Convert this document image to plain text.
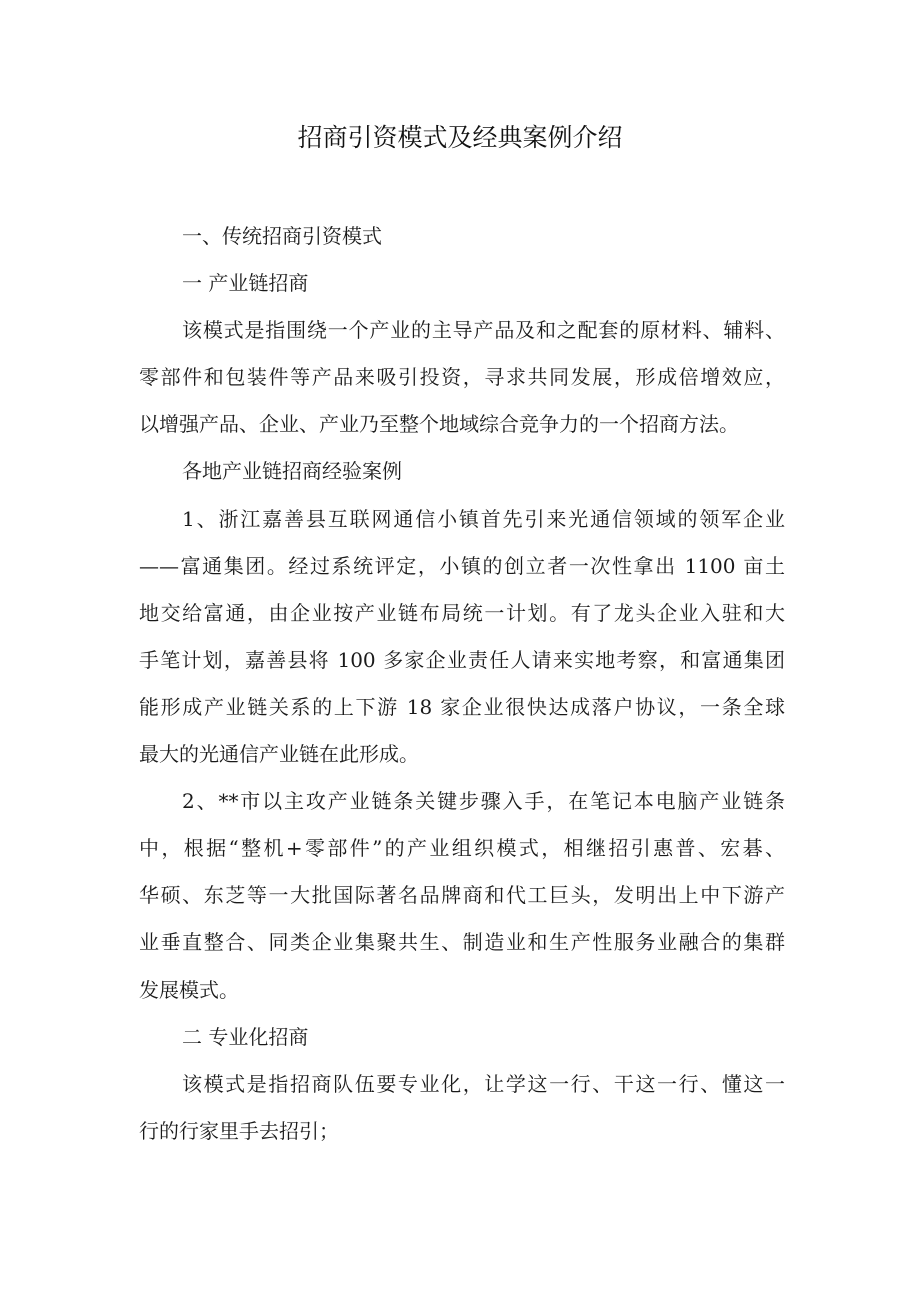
招商引资模式及经典案例介绍

一、传统招商引资模式

一 产业链招商

该模式是指围绕一个产业的主导产品及和之配套的原材料、辅料、

零部件和包装件等产品来吸引投资，寻求共同发展，形成倍增效应，

以增强产品、企业、产业乃至整个地域综合竞争力的一个招商方法。

各地产业链招商经验案例

1、浙江嘉善县互联网通信小镇首先引来光通信领域的领军企业

——富通集团。经过系统评定，小镇的创立者一次性拿出 1100 亩土

地交给富通，由企业按产业链布局统一计划。有了龙头企业入驻和大

手笔计划，嘉善县将 100 多家企业责任人请来实地考察，和富通集团

能形成产业链关系的上下游 18 家企业很快达成落户协议，一条全球

最大的光通信产业链在此形成。

2、**市以主攻产业链条关键步骤入手，在笔记本电脑产业链条

中，根据“整机+零部件”的产业组织模式，相继招引惠普、宏碁、

华硕、东芝等一大批国际著名品牌商和代工巨头，发明出上中下游产

业垂直整合、同类企业集聚共生、制造业和生产性服务业融合的集群

发展模式。

二 专业化招商

该模式是指招商队伍要专业化，让学这一行、干这一行、懂这一

行的行家里手去招引；
